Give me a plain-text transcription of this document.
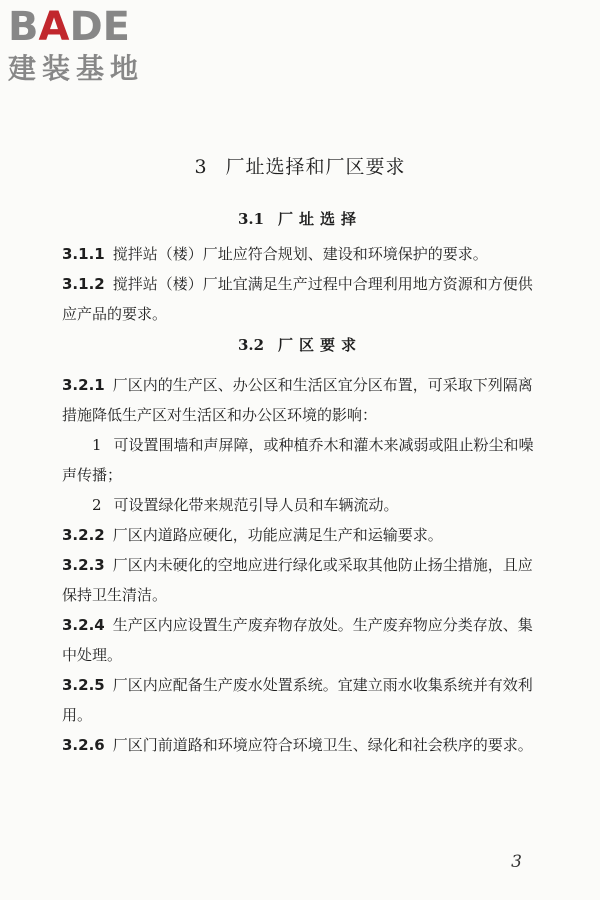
BADE
建装基地
3 厂址选择和厂区要求
3.1 厂址选择
3.1.1 搅拌站（楼）厂址应符合规划、建设和环境保护的要求。
3.1.2 搅拌站（楼）厂址宜满足生产过程中合理利用地方资源和方便供应产品的要求。
3.2 厂区要求
3.2.1 厂区内的生产区、办公区和生活区宜分区布置，可采取下列隔离措施降低生产区对生活区和办公区环境的影响：
1 可设置围墙和声屏障，或种植乔木和灌木来减弱或阻止粉尘和噪声传播；
2 可设置绿化带来规范引导人员和车辆流动。
3.2.2 厂区内道路应硬化，功能应满足生产和运输要求。
3.2.3 厂区内未硬化的空地应进行绿化或采取其他防止扬尘措施，且应保持卫生清洁。
3.2.4 生产区内应设置生产废弃物存放处。生产废弃物应分类存放、集中处理。
3.2.5 厂区内应配备生产废水处置系统。宜建立雨水收集系统并有效利用。
3.2.6 厂区门前道路和环境应符合环境卫生、绿化和社会秩序的要求。
3
